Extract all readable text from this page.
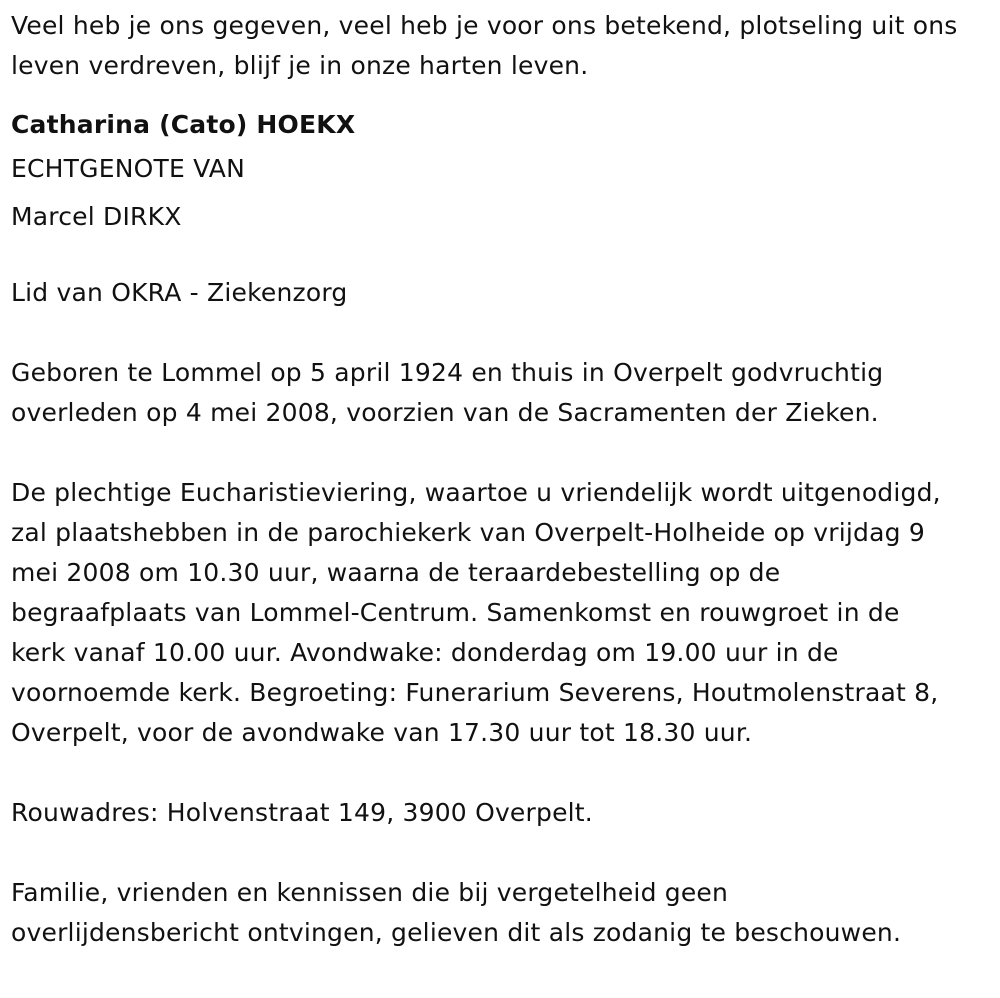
Veel heb je ons gegeven, veel heb je voor ons betekend, plotseling uit ons

leven verdreven, blijf je in onze harten leven.

Catharina (Cato) HOEKX

ECHTGENOTE VAN

Marcel DIRKX

Lid van OKRA - Ziekenzorg

Geboren te Lommel op 5 april 1924 en thuis in Overpelt godvruchtig

overleden op 4 mei 2008, voorzien van de Sacramenten der Zieken.

De plechtige Eucharistieviering, waartoe u vriendelijk wordt uitgenodigd,

zal plaatshebben in de parochiekerk van Overpelt-Holheide op vrijdag 9

mei 2008 om 10.30 uur, waarna de teraardebestelling op de

begraafplaats van Lommel-Centrum. Samenkomst en rouwgroet in de

kerk vanaf 10.00 uur. Avondwake: donderdag om 19.00 uur in de

voornoemde kerk. Begroeting: Funerarium Severens, Houtmolenstraat 8,

Overpelt, voor de avondwake van 17.30 uur tot 18.30 uur.

Rouwadres: Holvenstraat 149, 3900 Overpelt.

Familie, vrienden en kennissen die bij vergetelheid geen

overlijdensbericht ontvingen, gelieven dit als zodanig te beschouwen.
